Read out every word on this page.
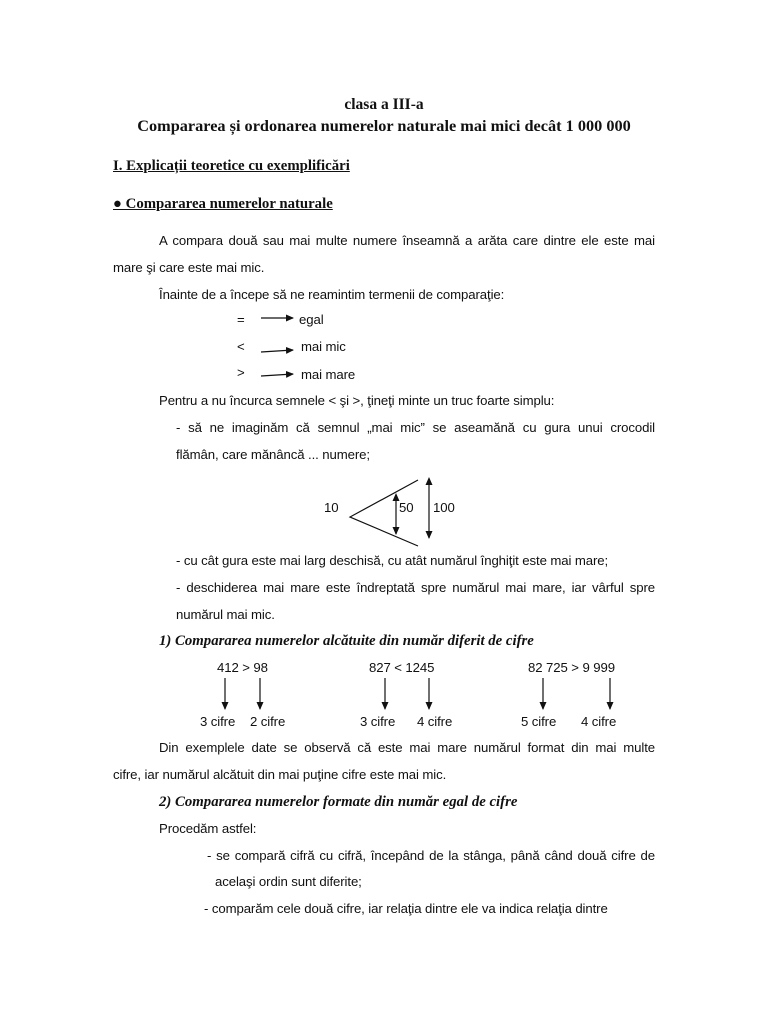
clasa a III-a
Compararea și ordonarea numerelor naturale mai mici decât 1 000 000
I. Explicații teoretice cu exemplificări
● Compararea numerelor naturale
A compara două sau mai multe numere înseamnă a arăta care dintre ele este mai
mare şi care este mai mic.
Înainte de a începe să ne reamintim termenii de comparaţie:
=	egal
<	mai mic
>	mai mare
Pentru a nu încurca semnele < şi >, ţineţi minte un truc foarte simplu:
- să ne imaginăm că semnul „mai mic” se aseamănă cu gura unui crocodil
flămân, care mănâncă ... numere;
10	50 100
- cu cât gura este mai larg deschisă, cu atât numărul înghiţit este mai mare;
- deschiderea mai mare este îndreptată spre numărul mai mare, iar vârful spre
numărul mai mic.
1) Compararea numerelor alcătuite din număr diferit de cifre
412 > 98	827 < 1245	82 725 > 9 999
3 cifre 2 cifre	3 cifre 4 cifre	5 cifre 4 cifre
Din exemplele date se observă că este mai mare numărul format din mai multe
cifre, iar numărul alcătuit din mai puţine cifre este mai mic.
2) Compararea numerelor formate din număr egal de cifre
Procedăm astfel:
- se compară cifră cu cifră, începând de la stânga, până când două cifre de
acelaşi ordin sunt diferite;
- comparăm cele două cifre, iar relaţia dintre ele va indica relaţia dintre
